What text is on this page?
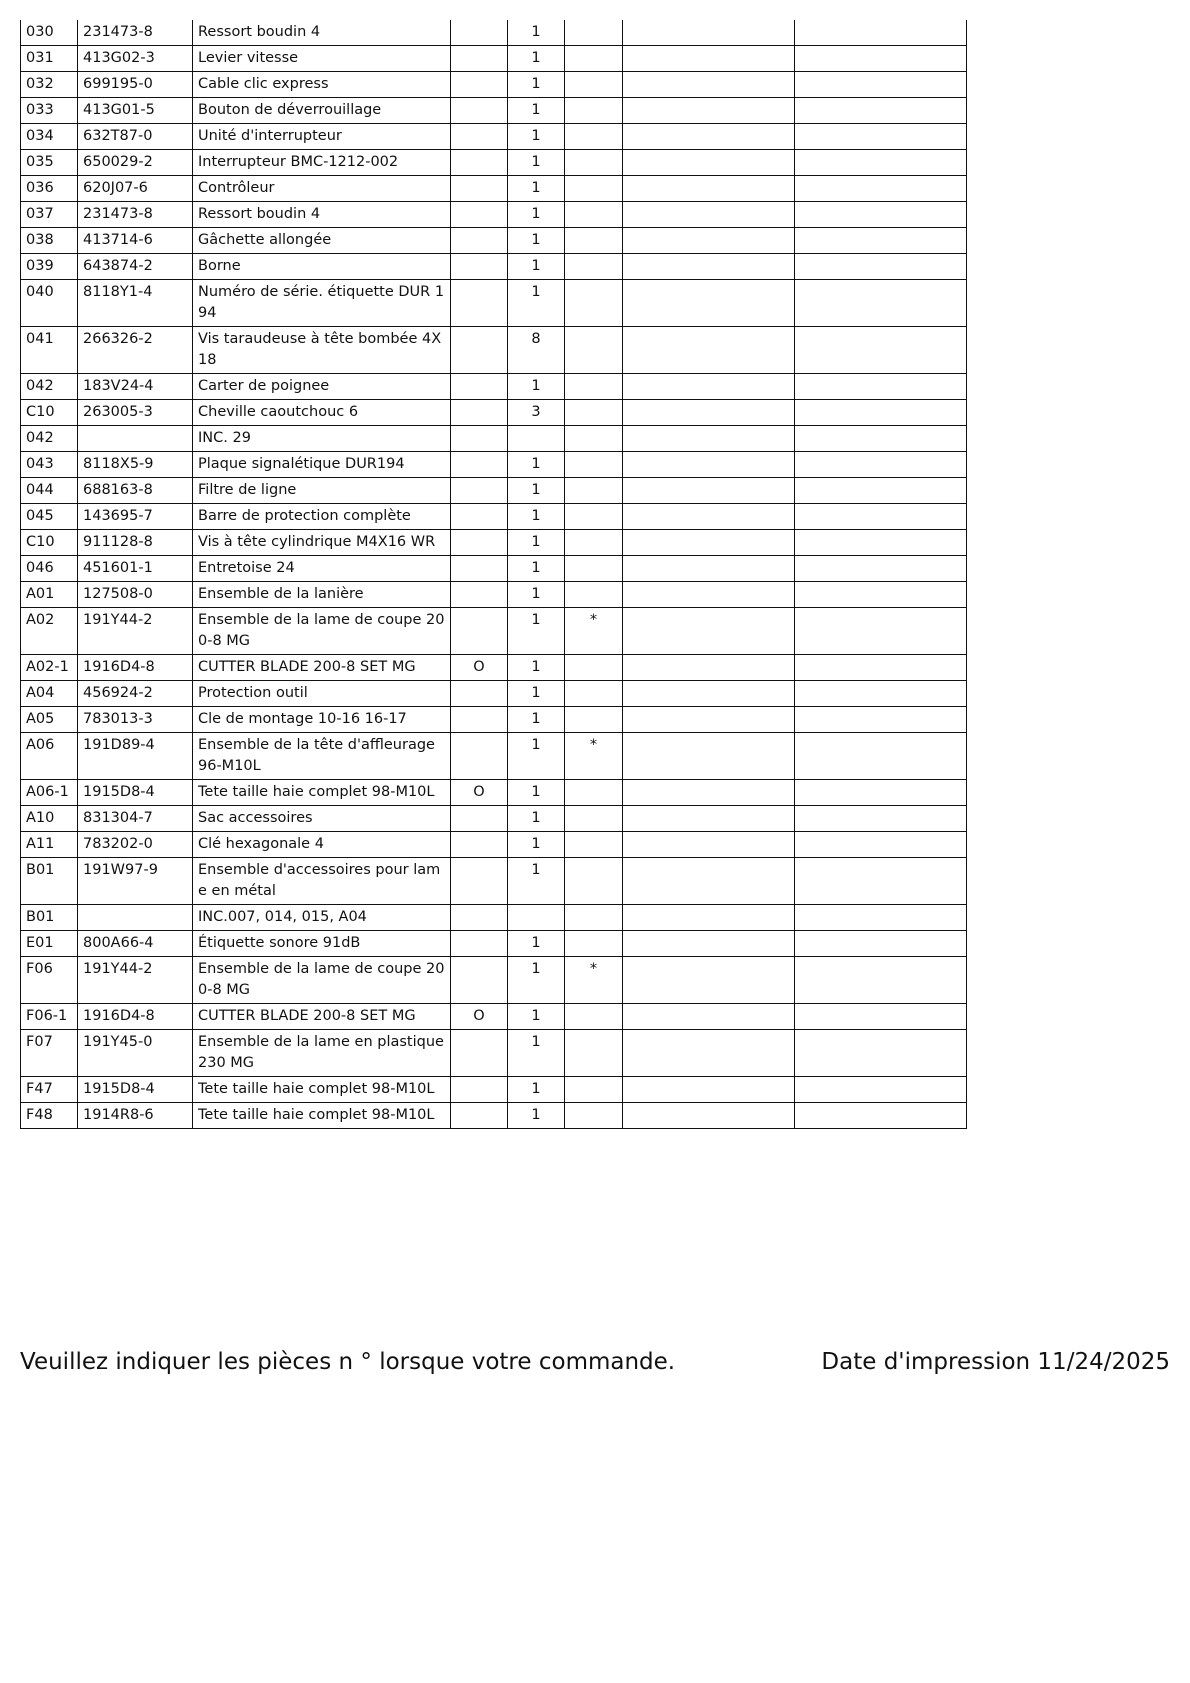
030	231473-8	Ressort boudin 4		1			
031	413G02-3	Levier vitesse		1			
032	699195-0	Cable clic express		1			
033	413G01-5	Bouton de déverrouillage		1			
034	632T87-0	Unité d'interrupteur		1			
035	650029-2	Interrupteur BMC-1212-002		1			
036	620J07-6	Contrôleur		1			
037	231473-8	Ressort boudin 4		1			
038	413714-6	Gâchette allongée		1			
039	643874-2	Borne		1			
040	8118Y1-4	Numéro de série. étiquette DUR 194		1			
041	266326-2	Vis taraudeuse à tête bombée 4X 18		8			
042	183V24-4	Carter de poignee		1			
C10	263005-3	Cheville caoutchouc 6		3			
042		INC. 29					
043	8118X5-9	Plaque signalétique DUR194		1			
044	688163-8	Filtre de ligne		1			
045	143695-7	Barre de protection complète		1			
C10	911128-8	Vis à tête cylindrique M4X16 WR		1			
046	451601-1	Entretoise 24		1			
A01	127508-0	Ensemble de la lanière		1			
A02	191Y44-2	Ensemble de la lame de coupe 200-8 MG		1	*		
A02-1	1916D4-8	CUTTER BLADE 200-8 SET MG	O	1			
A04	456924-2	Protection outil		1			
A05	783013-3	Cle de montage 10-16 16-17		1			
A06	191D89-4	Ensemble de la tête d'affleurage 96-M10L		1	*		
A06-1	1915D8-4	Tete taille haie complet 98-M10L	O	1			
A10	831304-7	Sac accessoires		1			
A11	783202-0	Clé hexagonale 4		1			
B01	191W97-9	Ensemble d'accessoires pour lame en métal		1			
B01		INC.007, 014, 015, A04					
E01	800A66-4	Étiquette sonore 91dB		1			
F06	191Y44-2	Ensemble de la lame de coupe 200-8 MG		1	*		
F06-1	1916D4-8	CUTTER BLADE 200-8 SET MG	O	1			
F07	191Y45-0	Ensemble de la lame en plastique 230 MG		1			
F47	1915D8-4	Tete taille haie complet 98-M10L		1			
F48	1914R8-6	Tete taille haie complet 98-M10L		1			
Veuillez indiquer les pièces n ° lorsque votre commande.	Date d'impression 11/24/2025
